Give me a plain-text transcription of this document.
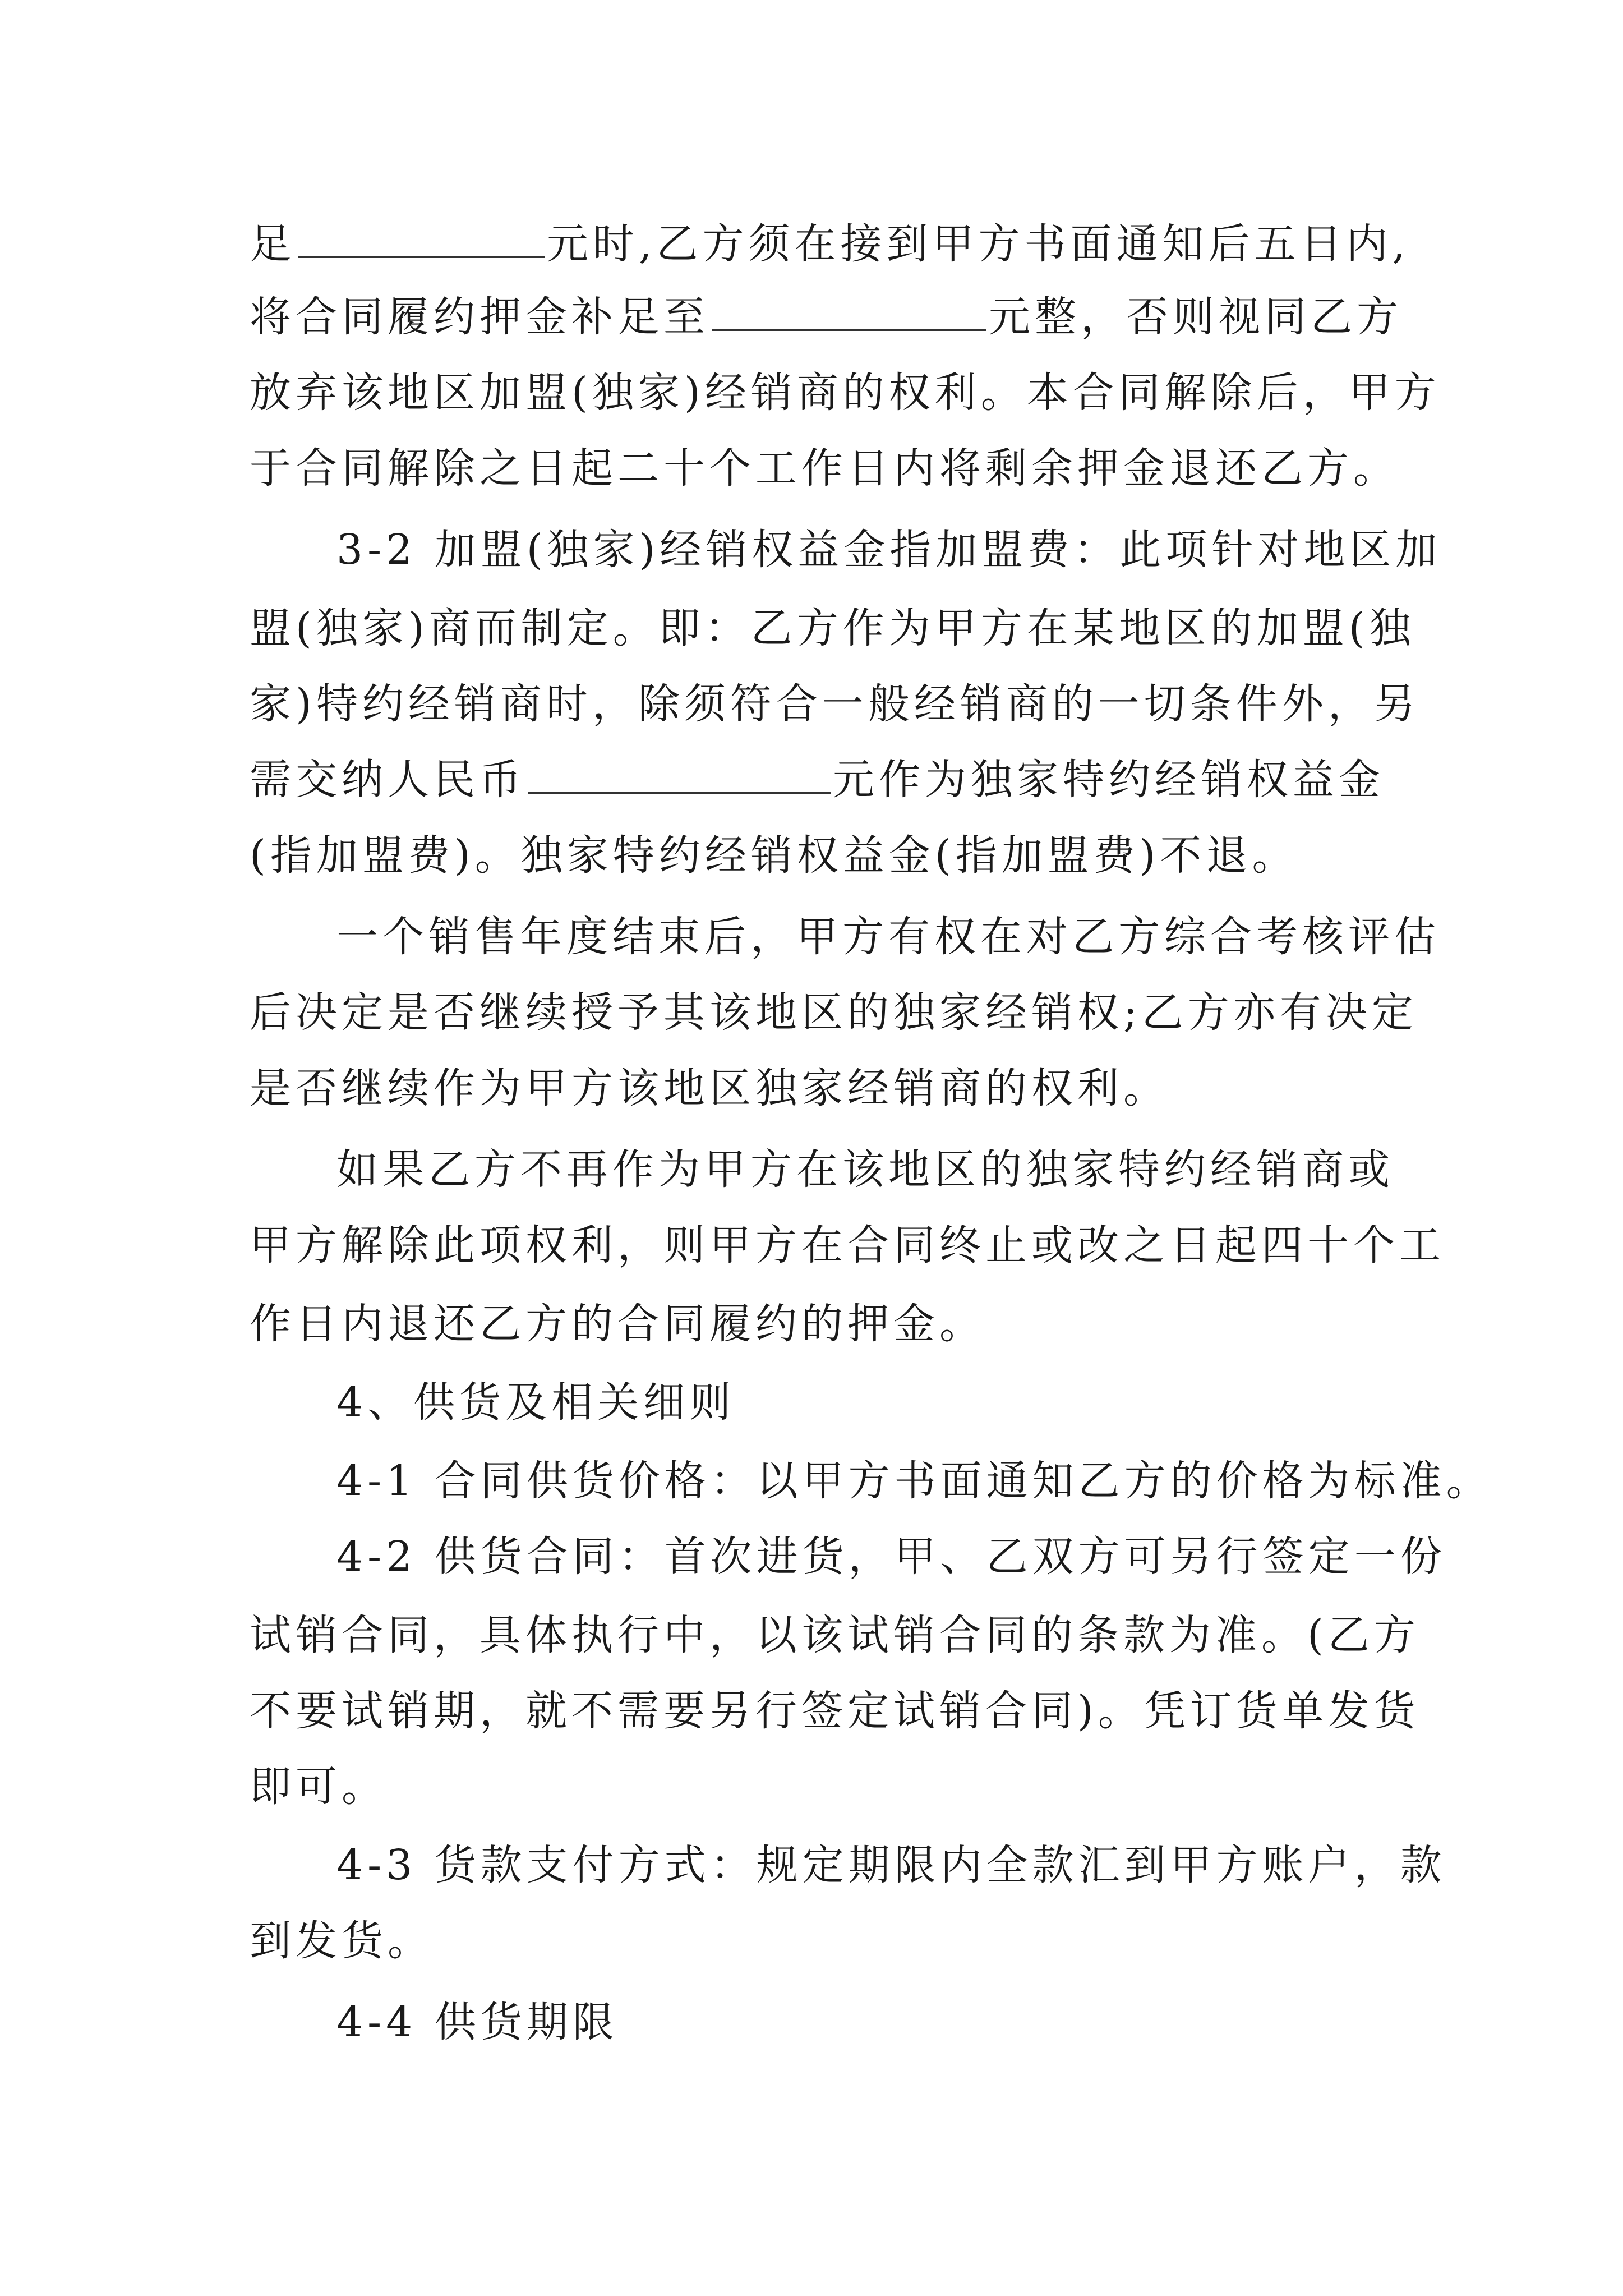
足	元时,乙方须在接到甲方书面通知后五日内,
将合同履约押金补足至	元整，否则视同乙方
放弃该地区加盟(独家)经销商的权利。本合同解除后，甲方
于合同解除之日起二十个工作日内将剩余押金退还乙方。
3-2 加盟(独家)经销权益金指加盟费：此项针对地区加
盟(独家)商而制定。即：乙方作为甲方在某地区的加盟(独
家)特约经销商时，除须符合一般经销商的一切条件外，另
需交纳人民币	元作为独家特约经销权益金
(指加盟费)。独家特约经销权益金(指加盟费)不退。
一个销售年度结束后，甲方有权在对乙方综合考核评估
后决定是否继续授予其该地区的独家经销权;乙方亦有决定
是否继续作为甲方该地区独家经销商的权利。
如果乙方不再作为甲方在该地区的独家特约经销商或
甲方解除此项权利，则甲方在合同终止或改之日起四十个工
作日内退还乙方的合同履约的押金。
4、供货及相关细则
4-1 合同供货价格：以甲方书面通知乙方的价格为标准。
4-2 供货合同：首次进货，甲、乙双方可另行签定一份
试销合同，具体执行中，以该试销合同的条款为准。(乙方
不要试销期，就不需要另行签定试销合同)。凭订货单发货
即可。
4-3 货款支付方式：规定期限内全款汇到甲方账户，款
到发货。
4-4 供货期限
